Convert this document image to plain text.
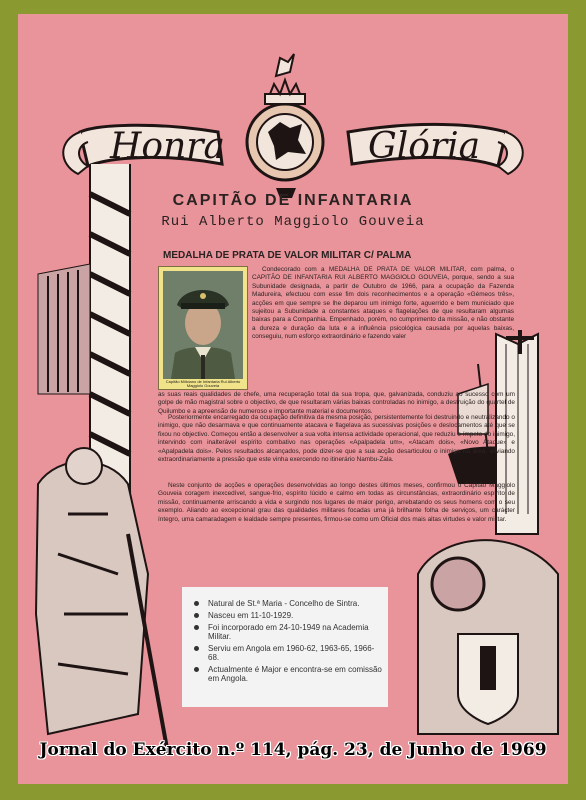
Honra	Glória
CAPITÃO DE INFANTARIA
Rui Alberto Maggiolo Gouveia
MEDALHA DE PRATA DE VALOR MILITAR C/ PALMA
Capitão Miliciano de Infantaria Rui Alberto Maggiolo Gouveia
Condecorado com a MEDALHA DE PRATA DE VALOR MILITAR, com palma, o CAPITÃO DE INFANTARIA RUI ALBERTO MAGGIOLO GOUVEIA, porque, sendo a sua Subunidade designada, a partir de Outubro de 1966, para a ocupação da Fazenda Madureira, efectuou com esse fim dois reconhecimentos e a operação «Gémeos três», acções em que sempre se lhe deparou um inimigo forte, aguerrido e bem municiado que sujeitou a Subunidade a constantes ataques e flagelações de que resultaram algumas baixas para a Companhia. Empenhado, porém, no cumprimento da missão, e não obstante a dureza e duração da luta e a influência psicológica causada por aquelas baixas, conseguiu, num esforço extraordinário e fazendo valer
as suas reais qualidades de chefe, uma recuperação total da sua tropa, que, galvanizada, conduziu ao sucesso com um golpe de mão magistral sobre o objectivo, de que resultaram várias baixas controladas no inimigo, a destruição do quartel de Quilumbo e a apreensão de numeroso e importante material e documentos.
Posteriormente encarregado da ocupação definitiva da mesma posição, persistentemente foi destruindo e neutralizando o inimigo, que não desarmava e que continuamente atacava e flagelava as sucessivas posições e deslocamentos até que se fixou no objectivo. Começou então a desenvolver a sua volta intensa actividade operacional, que reduziu o ímpeto do inimigo, intervindo com inalterável espírito combativo nas operações «Apalpadela um», «Atacam dois», «Novo Ataque» e «Apalpadela dois». Pelos resultados alcançados, pode dizer-se que a sua acção desarticulou o inimigo na área, aliviando extraordinariamente a pressão que este vinha exercendo no itinerário Nambu-Zala.
Neste conjunto de acções e operações desenvolvidas ao longo destes últimos meses, confirmou o Capitão Maggiolo Gouveia coragem inexcedível, sangue-frio, espírito lúcido e calmo em todas as circunstâncias, extraordinário espírito de missão, continuamente arriscando a vida e surgindo nos lugares de maior perigo, arrebatando os seus homens com o seu exemplo. Aliando ao excepcional grau das qualidades militares focadas uma já brilhante folha de serviços, um carácter íntegro, uma camaradagem e lealdade sempre presentes, firmou-se como um Oficial dos mais altas virtudes e valor militar.
Natural de St.ª Maria - Concelho de Sintra.
Nasceu em 11-10-1929.
Foi incorporado em 24-10-1949 na Academia Militar.
Serviu em Angola em 1960-62, 1963-65, 1966-68.
Actualmente é Major e encontra-se em comissão em Angola.
Jornal do Exército n.º 114, pág. 23, de Junho de 1969
